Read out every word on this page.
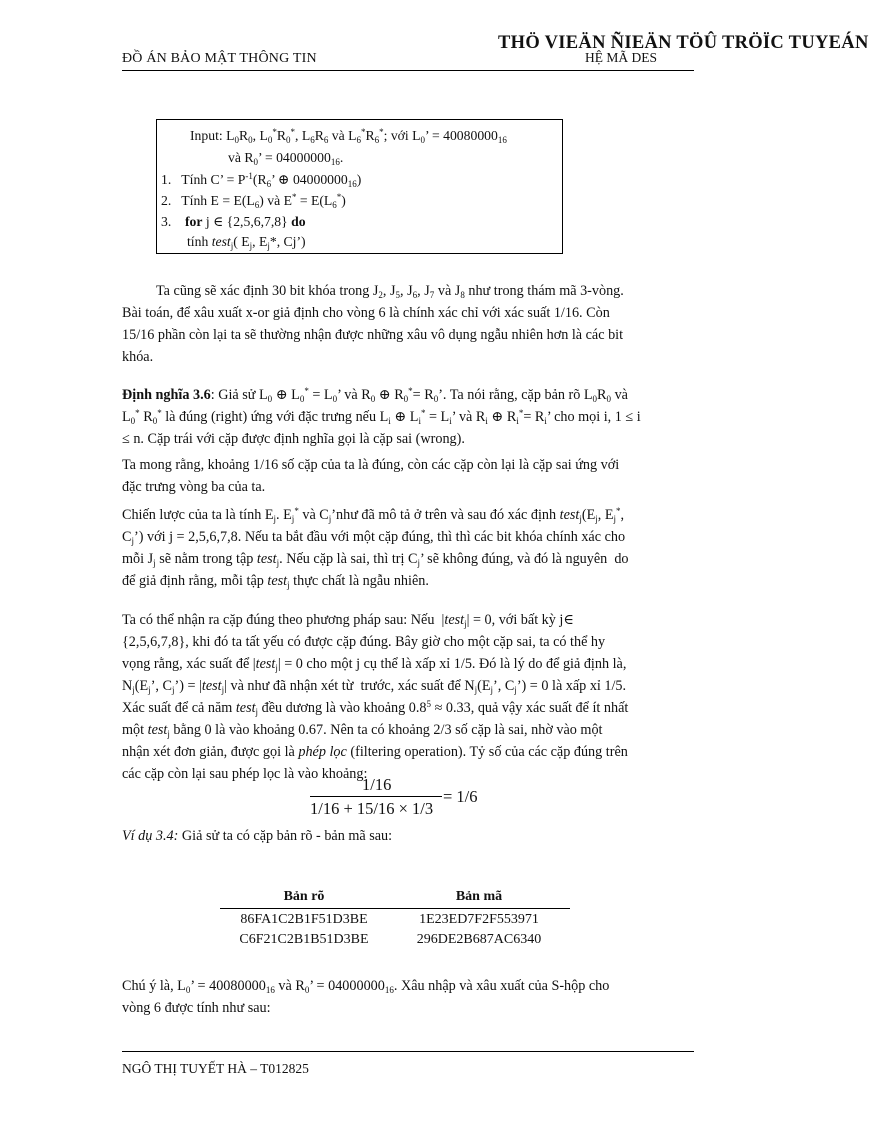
ĐỒ ÁN BẢO MẬT THÔNG TIN
THÖ VIEÄN ÑIEÄN TÖÛ TRÖÏC TUYEÁN
HỆ MÃ DES
Input: $L_0R_0$, $L_0^*R_0^*$, $L_6R_6$ và $L_6^*R_6^*$; với $L_0$’ = $40080000_{16}$
và $R_0$’ = $04000000_{16}$.
1.   Tính C’ = $P^{-1}(R_6$’ ⊕ $04000000_{16}$)
2.   Tính $E = E(L_6)$ và $E^* = E(L_6^*)$
3.    for j ∈ {2,5,6,7,8} do
tính test$_j$( $E_j$, $E_j*$, Cj’)
Ta cũng sẽ xác định 30 bit khóa trong $J_2$, $J_5$, $J_6$, $J_7$ và $J_8$ như trong thám mã 3-vòng.
Bài toán, để xâu xuất x-or giả định cho vòng 6 là chính xác chỉ với xác suất 1/16. Còn
15/16 phần còn lại ta sẽ thường nhận được những xâu vô dụng ngẫu nhiên hơn là các bit
khóa.
Định nghĩa 3.6: Giả sử $L_0$ ⊕ $L_0^* = L_0$’ và $R_0$ ⊕ $R_0^*= R_0$’. Ta nói rằng, cặp bản rõ $L_0R_0$ và
$L_0^*$ $R_0^*$ là đúng (right) ứng với đặc trưng nếu $L_i$ ⊕ $L_i^* = L_i$’ và $R_i$ ⊕ $R_i^*= R_i$’ cho mọi i, 1 ≤ i
≤ n. Cặp trái với cặp được định nghĩa gọi là cặp sai (wrong).
Ta mong rằng, khoảng 1/16 số cặp của ta là đúng, còn các cặp còn lại là cặp sai ứng với
đặc trưng vòng ba của ta.
Chiến lược của ta là tính $E_j$. $E_j^*$ và $C_j’như$ đã mô tả ở trên và sau đó xác định $test_j(E_j$, $E_j^*$,
$C_j$’) với j = 2,5,6,7,8. Nếu ta bắt đầu với một cặp đúng, thì thì các bit khóa chính xác cho
mỗi $J_j$ sẽ nằm trong tập test$_j$. Nếu cặp là sai, thì trị $C_j$’ sẽ không đúng, và đó là nguyên  do
để giả định rằng, mỗi tập test$_j$ thực chất là ngẫu nhiên.
Ta có thể nhận ra cặp đúng theo phương pháp sau: Nếu  |test$_j$| = 0, với bất kỳ j∈
{2,5,6,7,8}, khi đó ta tất yếu có được cặp đúng. Bây giờ cho một cặp sai, ta có thể hy
vọng rằng, xác suất để |test$_j$| = 0 cho một j cụ thể là xấp xỉ 1/5. Đó là lý do để giả định là,
$N_j(E_j$’, $C_j$’) = |test$_j$| và như đã nhận xét từ  trước, xác suất để $N_j(E_j$’, $C_j’) = 0$ là xấp xỉ 1/5.
Xác suất để cả năm test$_j$ đều dương là vào khoảng $0.8^5 \approx 0.33$, quả vậy xác suất để ít nhất
một test$_j$ bằng 0 là vào khoảng 0.67. Nên ta có khoảng 2/3 số cặp là sai, nhờ vào một
nhận xét đơn giản, được gọi là phép lọc (filtering operation). Tỷ số của các cặp đúng trên
các cặp còn lại sau phép lọc là vào khoảng:
1/16
1/16 + 15/16 × 1/3
= 1/6
Ví dụ 3.4: Giả sử ta có cặp bản rõ - bản mã sau:
Bản rõ	Bản mã
86FA1C2B1F51D3BE	1E23ED7F2F553971
C6F21C2B1B51D3BE	296DE2B687AC6340
Chú ý là, $L_0$’ = $40080000_{16}$ và $R_0$’ = $04000000_{16}$. Xâu nhập và xâu xuất của S-hộp cho
vòng 6 được tính như sau:
NGÔ THỊ TUYẾT HÀ – T012825
